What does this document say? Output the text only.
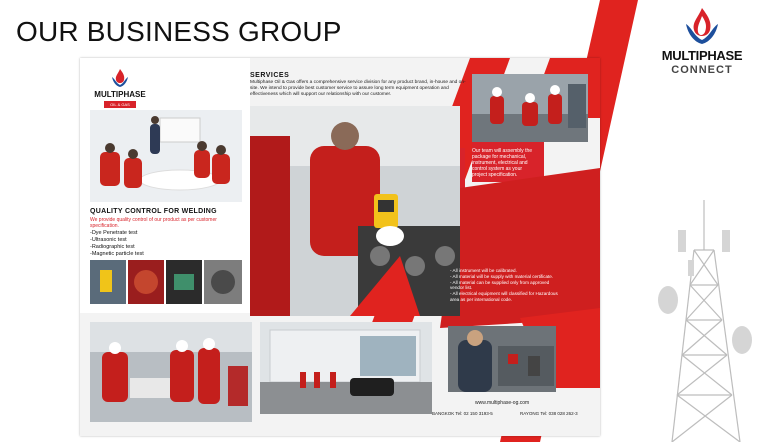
OUR BUSINESS GROUP
MULTIPHASE
CONNECT
MULTIPHASE
OIL & GAS
QUALITY CONTROL FOR WELDING
We provide quality control of our product as per customer specification.
-Dye Penetrate test
-Ultrasonic test
-Radiographic test
-Magnetic particle test
SERVICES
Multiphase Oil & Gas offers a comprehensive service division for any product brand, in-house and on-site. We intend to provide best customer service to assure long term equipment operation and effectiveness which will support our relationship with our customer.
Our team will assembly the package for mechanical, instrument, electrical and control system as your project specification.
- All instrument will be calibrated.
- All material will be supply with material certificate.
- All material can be supplied only from approved vendor list.
- All electrical equipment will classified for Hazardous area as per international code.
www.multiphase-og.com
BANGKOK Tel: 02 150 3193-5	RAYONG Tel: 038 028 262-3
